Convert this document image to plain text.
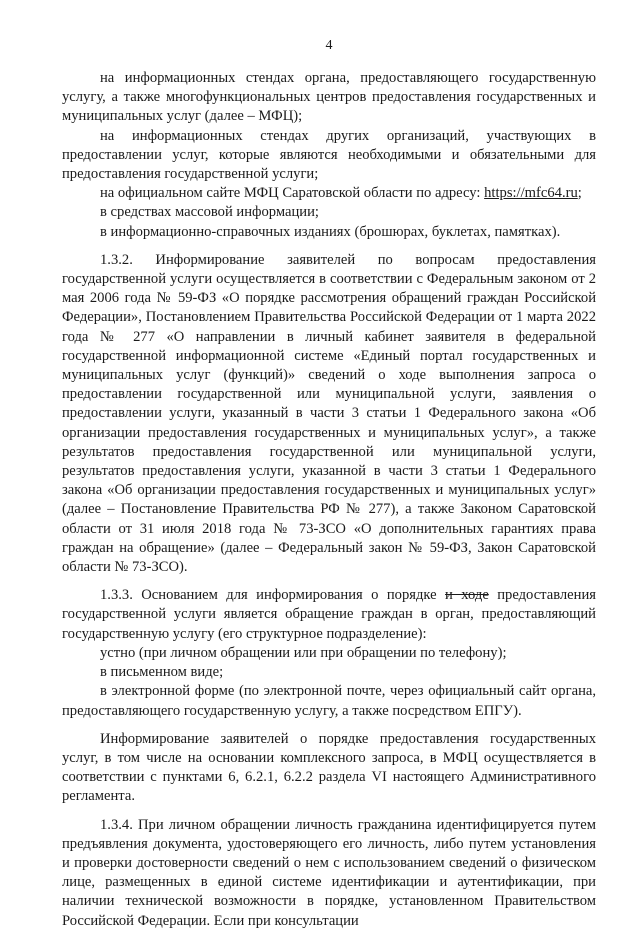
4

на информационных стендах органа, предоставляющего государственную услугу, а также многофункциональных центров предоставления государственных и муниципальных услуг (далее – МФЦ);

на информационных стендах других организаций, участвующих в предоставлении услуг, которые являются необходимыми и обязательными для предоставления государственной услуги;

на официальном сайте МФЦ Саратовской области по адресу: https://mfc64.ru;

в средствах массовой информации;

в информационно-справочных изданиях (брошюрах, буклетах, памятках).

1.3.2. Информирование заявителей по вопросам предоставления государственной услуги осуществляется в соответствии с Федеральным законом от 2 мая 2006 года № 59-ФЗ «О порядке рассмотрения обращений граждан Российской Федерации», Постановлением Правительства Российской Федерации от 1 марта 2022 года № 277 «О направлении в личный кабинет заявителя в федеральной государственной информационной системе «Единый портал государственных и муниципальных услуг (функций)» сведений о ходе выполнения запроса о предоставлении государственной или муниципальной услуги, заявления о предоставлении услуги, указанный в части 3 статьи 1 Федерального закона «Об организации предоставления государственных и муниципальных услуг», а также результатов предоставления государственной или муниципальной услуги, результатов предоставления услуги, указанной в части 3 статьи 1 Федерального закона «Об организации предоставления государственных и муниципальных услуг» (далее – Постановление Правительства РФ № 277), а также Законом Саратовской области от 31 июля 2018 года № 73-ЗСО «О дополнительных гарантиях права граждан на обращение» (далее – Федеральный закон № 59-ФЗ, Закон Саратовской области № 73-ЗСО).

1.3.3. Основанием для информирования о порядке и ходе предоставления государственной услуги является обращение граждан в орган, предоставляющий государственную услугу (его структурное подразделение):

устно (при личном обращении или при обращении по телефону);

в письменном виде;

в электронной форме (по электронной почте, через официальный сайт органа, предоставляющего государственную услугу, а также посредством ЕПГУ).

Информирование заявителей о порядке предоставления государственных услуг, в том числе на основании комплексного запроса, в МФЦ осуществляется в соответствии с пунктами 6, 6.2.1, 6.2.2 раздела VI настоящего Административного регламента.

1.3.4. При личном обращении личность гражданина идентифицируется путем предъявления документа, удостоверяющего его личность, либо путем установления и проверки достоверности сведений о нем с использованием сведений о физическом лице, размещенных в единой системе идентификации и аутентификации, при наличии технической возможности в порядке, установленном Правительством Российской Федерации. Если при консультации
